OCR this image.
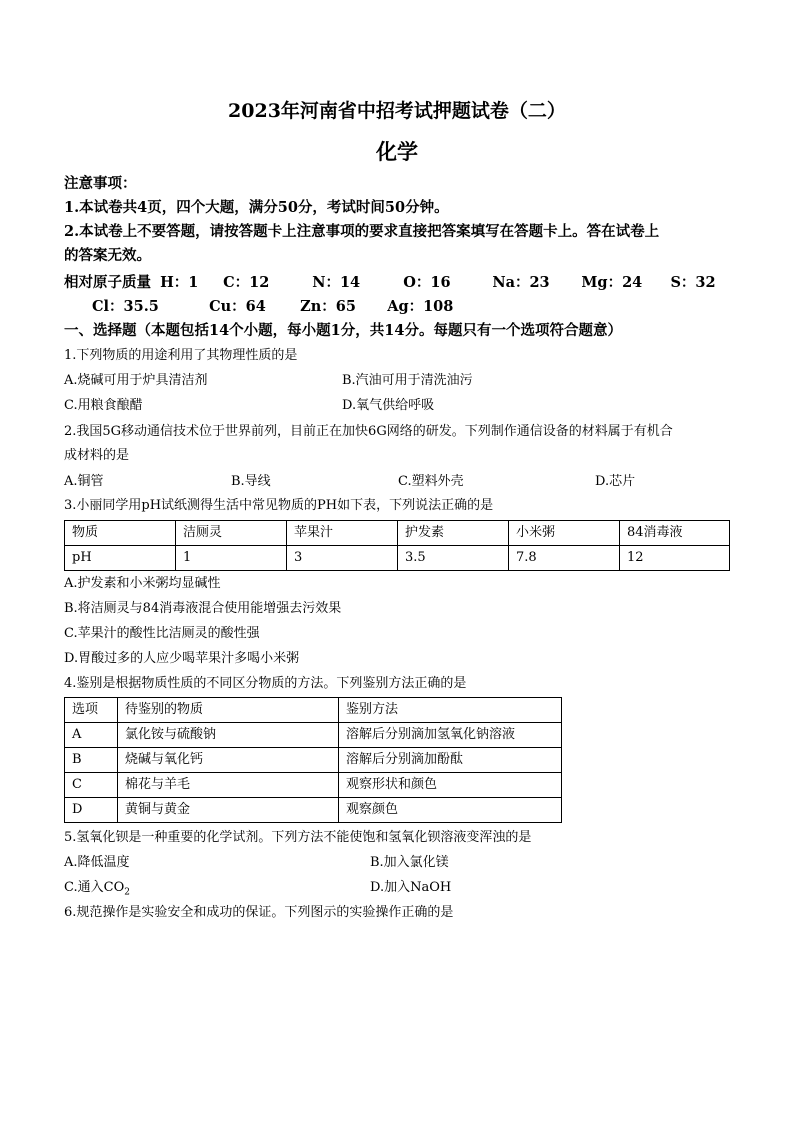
2023年河南省中招考试押题试卷（二）
化学
注意事项：
1.本试卷共4页，四个大题，满分50分，考试时间50分钟。
2.本试卷上不要答题，请按答题卡上注意事项的要求直接把答案填写在答题卡上。答在试卷上
的答案无效。
相对原子质量 H：1 C：12	N：14	O：16	Na：23 Mg：24 S：32
Cl：35.5	Cu：64 Zn：65 Ag：108
一、选择题（本题包括14个小题，每小题1分，共14分。每题只有一个选项符合题意）
1.下列物质的用途利用了其物理性质的是
A.烧碱可用于炉具清洁剂	B.汽油可用于清洗油污
C.用粮食酿醋	D.氧气供给呼吸
2.我国5G移动通信技术位于世界前列，目前正在加快6G网络的研发。下列制作通信设备的材料属于有机合
成材料的是
A.铜管	B.导线	C.塑料外壳	D.芯片
3.小丽同学用pH试纸测得生活中常见物质的PH如下表，下列说法正确的是
物质	洁厕灵	苹果汁	护发素	小米粥	84消毒液
pH	1	3	3.5	7.8	12
A.护发素和小米粥均显碱性
B.将洁厕灵与84消毒液混合使用能增强去污效果
C.苹果汁的酸性比洁厕灵的酸性强
D.胃酸过多的人应少喝苹果汁多喝小米粥
4.鉴别是根据物质性质的不同区分物质的方法。下列鉴别方法正确的是
选项	待鉴别的物质	鉴别方法
A	氯化铵与硫酸钠	溶解后分别滴加氢氧化钠溶液
B	烧碱与氧化钙	溶解后分别滴加酚酞
C	棉花与羊毛	观察形状和颜色
D	黄铜与黄金	观察颜色
5.氢氧化钡是一种重要的化学试剂。下列方法不能使饱和氢氧化钡溶液变浑浊的是
A.降低温度	B.加入氯化镁
C.通入$CO_2$	D.加入NaOH
6.规范操作是实验安全和成功的保证。下列图示的实验操作正确的是
